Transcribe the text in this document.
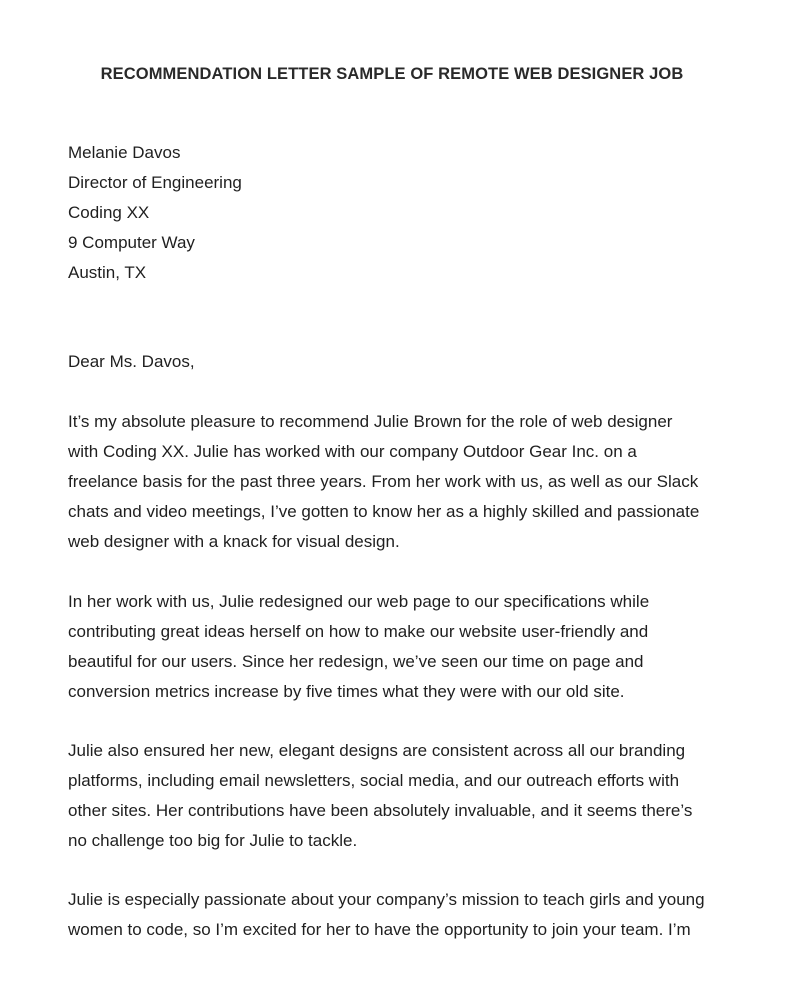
RECOMMENDATION LETTER SAMPLE OF REMOTE WEB DESIGNER JOB
Melanie Davos
Director of Engineering
Coding XX
9 Computer Way
Austin, TX
Dear Ms. Davos,
It’s my absolute pleasure to recommend Julie Brown for the role of web designer
with Coding XX. Julie has worked with our company Outdoor Gear Inc. on a
freelance basis for the past three years. From her work with us, as well as our Slack
chats and video meetings, I’ve gotten to know her as a highly skilled and passionate
web designer with a knack for visual design.
In her work with us, Julie redesigned our web page to our specifications while
contributing great ideas herself on how to make our website user-friendly and
beautiful for our users. Since her redesign, we’ve seen our time on page and
conversion metrics increase by five times what they were with our old site.
Julie also ensured her new, elegant designs are consistent across all our branding
platforms, including email newsletters, social media, and our outreach efforts with
other sites. Her contributions have been absolutely invaluable, and it seems there’s
no challenge too big for Julie to tackle.
Julie is especially passionate about your company’s mission to teach girls and young
women to code, so I’m excited for her to have the opportunity to join your team. I’m
